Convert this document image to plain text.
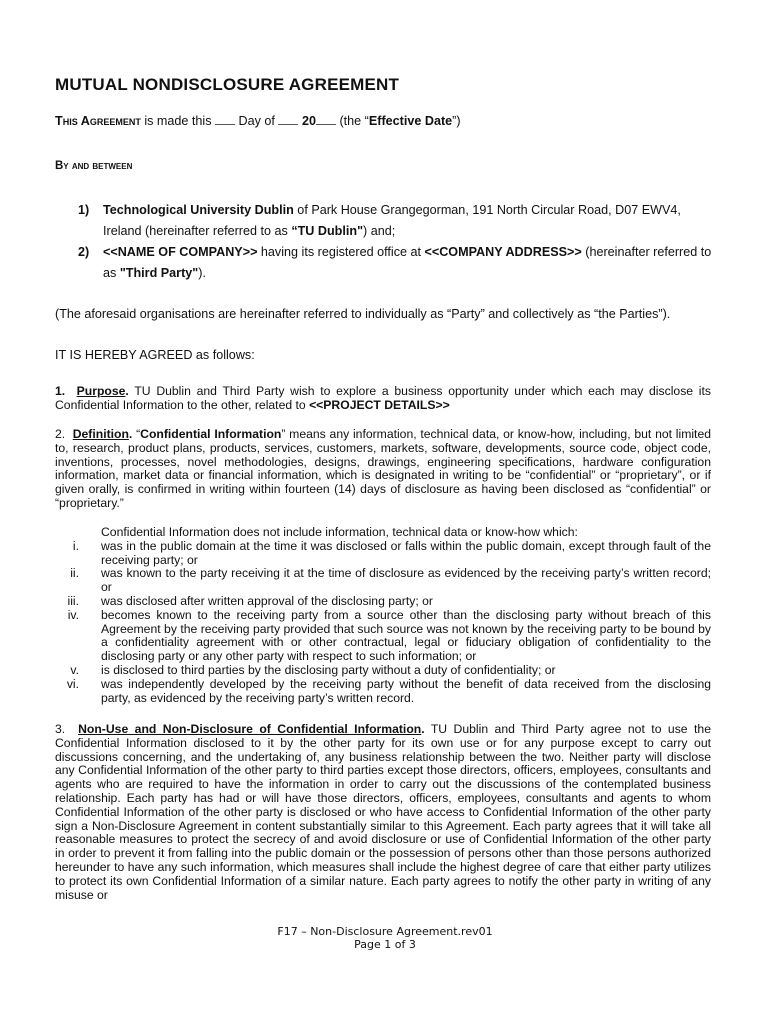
MUTUAL NONDISCLOSURE AGREEMENT
This Agreement is made this  Day of  20 (the “Effective Date”)
By and between
1)	Technological University Dublin of Park House Grangegorman, 191 North Circular Road, D07 EWV4, Ireland (hereinafter referred to as “TU Dublin") and;
2)	<<NAME OF COMPANY>> having its registered office at <<COMPANY ADDRESS>> (hereinafter referred to as "Third Party").
(The aforesaid organisations are hereinafter referred to individually as “Party” and collectively as “the Parties”).
IT IS HEREBY AGREED as follows:
1. Purpose. TU Dublin and Third Party wish to explore a business opportunity under which each may disclose its Confidential Information to the other, related to <<PROJECT DETAILS>>
2. Definition. “Confidential Information” means any information, technical data, or know-how, including, but not limited to, research, product plans, products, services, customers, markets, software, developments, source code, object code, inventions, processes, novel methodologies, designs, drawings, engineering specifications, hardware configuration information, market data or financial information, which is designated in writing to be “confidential” or “proprietary”, or if given orally, is confirmed in writing within fourteen (14) days of disclosure as having been disclosed as “confidential” or “proprietary.”
Confidential Information does not include information, technical data or know-how which:
i. was in the public domain at the time it was disclosed or falls within the public domain, except through fault of the receiving party; or
ii. was known to the party receiving it at the time of disclosure as evidenced by the receiving party’s written record; or
iii. was disclosed after written approval of the disclosing party; or
iv. becomes known to the receiving party from a source other than the disclosing party without breach of this Agreement by the receiving party provided that such source was not known by the receiving party to be bound by a confidentiality agreement with or other contractual, legal or fiduciary obligation of confidentiality to the disclosing party or any other party with respect to such information; or
v. is disclosed to third parties by the disclosing party without a duty of confidentiality; or
vi. was independently developed by the receiving party without the benefit of data received from the disclosing party, as evidenced by the receiving party’s written record.
3. Non-Use and Non-Disclosure of Confidential Information. TU Dublin and Third Party agree not to use the Confidential Information disclosed to it by the other party for its own use or for any purpose except to carry out discussions concerning, and the undertaking of, any business relationship between the two. Neither party will disclose any Confidential Information of the other party to third parties except those directors, officers, employees, consultants and agents who are required to have the information in order to carry out the discussions of the contemplated business relationship. Each party has had or will have those directors, officers, employees, consultants and agents to whom Confidential Information of the other party is disclosed or who have access to Confidential Information of the other party sign a Non-Disclosure Agreement in content substantially similar to this Agreement. Each party agrees that it will take all reasonable measures to protect the secrecy of and avoid disclosure or use of Confidential Information of the other party in order to prevent it from falling into the public domain or the possession of persons other than those persons authorized hereunder to have any such information, which measures shall include the highest degree of care that either party utilizes to protect its own Confidential Information of a similar nature. Each party agrees to notify the other party in writing of any misuse or
F17 – Non-Disclosure Agreement.rev01
Page 1 of 3
